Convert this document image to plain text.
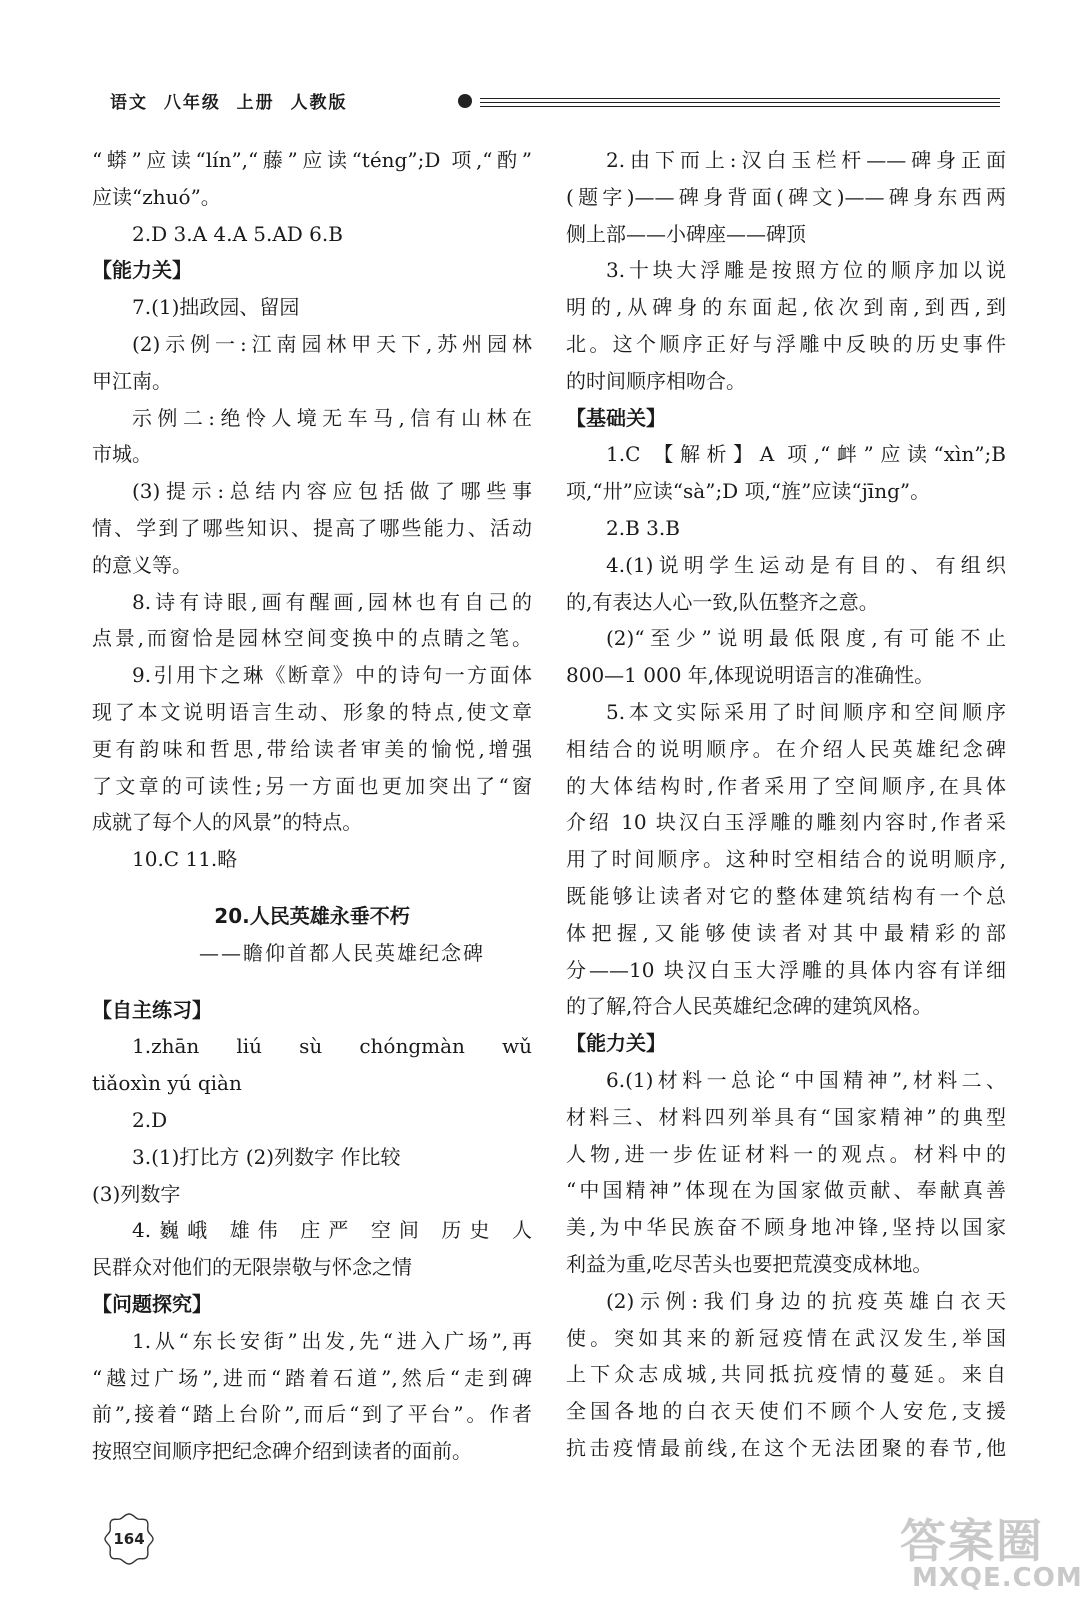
语文  八年级  上册  人教版
“蟒”应读“lín”,“藤”应读“téng”;D 项,“酌”
应读“zhuó”。
2.D 3.A 4.A 5.AD 6.B
【能力关】
7.(1)拙政园、留园
(2)示例一:江南园林甲天下,苏州园林
甲江南。
示例二:绝怜人境无车马,信有山林在
市城。
(3)提示:总结内容应包括做了哪些事
情、学到了哪些知识、提高了哪些能力、活动
的意义等。
8.诗有诗眼,画有醒画,园林也有自己的
点景,而窗恰是园林空间变换中的点睛之笔。
9.引用卞之琳《断章》中的诗句一方面体
现了本文说明语言生动、形象的特点,使文章
更有韵味和哲思,带给读者审美的愉悦,增强
了文章的可读性;另一方面也更加突出了“窗
成就了每个人的风景”的特点。
10.C 11.略
20.人民英雄永垂不朽
——瞻仰首都人民英雄纪念碑
【自主练习】
1.zhān liú sù chóngmàn wǔ
tiǎoxìn yú qiàn
2.D
3.(1)打比方 (2)列数字 作比较
(3)列数字
4.巍峨 雄伟 庄严 空间 历史 人
民群众对他们的无限崇敬与怀念之情
【问题探究】
1.从“东长安街”出发,先“进入广场”,再
“越过广场”,进而“踏着石道”,然后“走到碑
前”,接着“踏上台阶”,而后“到了平台”。作者
按照空间顺序把纪念碑介绍到读者的面前。
2.由下而上:汉白玉栏杆——碑身正面
(题字)——碑身背面(碑文)——碑身东西两
侧上部——小碑座——碑顶
3.十块大浮雕是按照方位的顺序加以说
明的,从碑身的东面起,依次到南,到西,到
北。这个顺序正好与浮雕中反映的历史事件
的时间顺序相吻合。
【基础关】
1.C 【解析】A 项,“衅”应读“xìn”;B
项,“卅”应读“sà”;D 项,“旌”应读“jīng”。
2.B 3.B
4.(1)说明学生运动是有目的、有组织
的,有表达人心一致,队伍整齐之意。
(2)“至少”说明最低限度,有可能不止
800—1 000 年,体现说明语言的准确性。
5.本文实际采用了时间顺序和空间顺序
相结合的说明顺序。在介绍人民英雄纪念碑
的大体结构时,作者采用了空间顺序,在具体
介绍 10 块汉白玉浮雕的雕刻内容时,作者采
用了时间顺序。这种时空相结合的说明顺序,
既能够让读者对它的整体建筑结构有一个总
体把握,又能够使读者对其中最精彩的部
分——10 块汉白玉大浮雕的具体内容有详细
的了解,符合人民英雄纪念碑的建筑风格。
【能力关】
6.(1)材料一总论“中国精神”,材料二、
材料三、材料四列举具有“国家精神”的典型
人物,进一步佐证材料一的观点。材料中的
“中国精神”体现在为国家做贡献、奉献真善
美,为中华民族奋不顾身地冲锋,坚持以国家
利益为重,吃尽苦头也要把荒漠变成林地。
(2)示例:我们身边的抗疫英雄白衣天
使。突如其来的新冠疫情在武汉发生,举国
上下众志成城,共同抵抗疫情的蔓延。来自
全国各地的白衣天使们不顾个人安危,支援
抗击疫情最前线,在这个无法团聚的春节,他
164	答案圈
MXQE.COM
